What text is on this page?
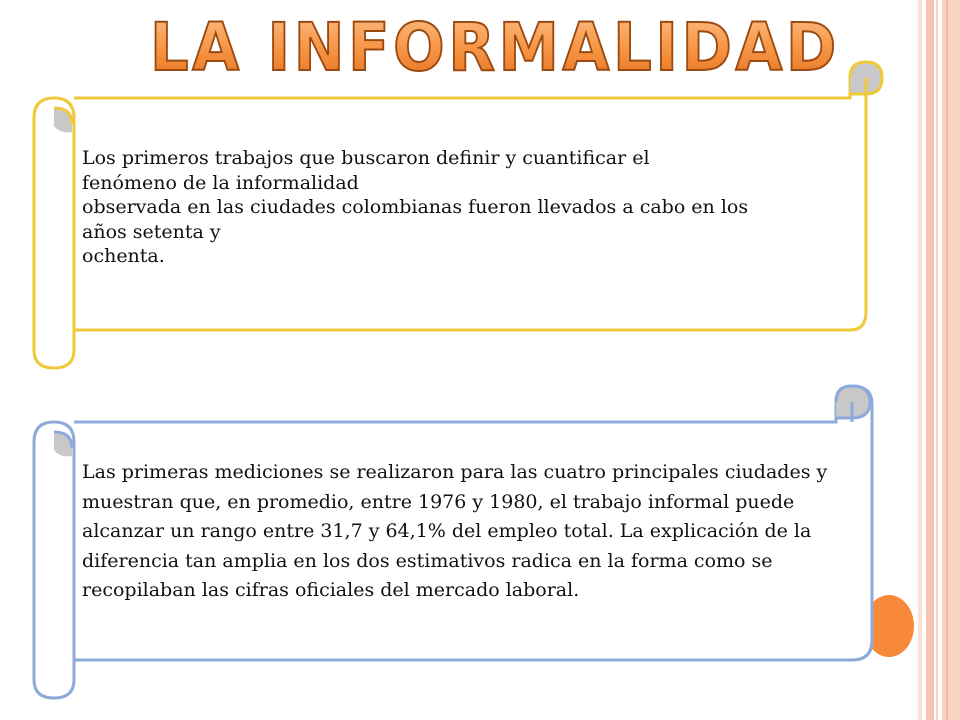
LA INFORMALIDAD

Los primeros trabajos que buscaron definir y cuantificar el
fenómeno de la informalidad
observada en las ciudades colombianas fueron llevados a cabo en los
años setenta y
ochenta.

Las primeras mediciones se realizaron para las cuatro principales ciudades y muestran que, en promedio, entre 1976 y 1980, el trabajo informal puede alcanzar un rango entre 31,7 y 64,1% del empleo total. La explicación de la diferencia tan amplia en los dos estimativos radica en la forma como se recopilaban las cifras oficiales del mercado laboral.
